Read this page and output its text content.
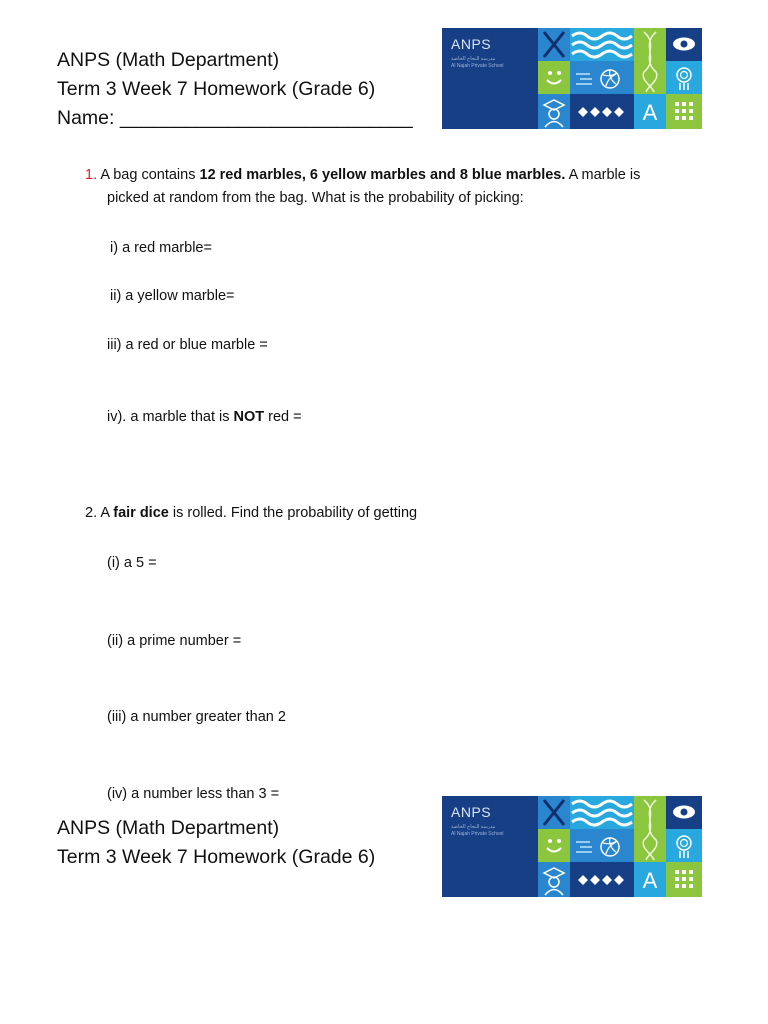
ANPS (Math Department)
Term 3 Week 7 Homework (Grade 6)
Name: ___________________________
ANPS
مدرسة النجاح الخاصة
Al Najah Private School
A
1. A bag contains 12 red marbles, 6 yellow marbles and 8 blue marbles. A marble is
picked at random from the bag. What is the probability of picking:
i) a red marble=
ii) a yellow marble=
iii) a red or blue marble =
iv). a marble that is NOT red =
2. A fair dice is rolled. Find the probability of getting
(i) a 5 =
(ii) a prime number =
(iii) a number greater than 2
(iv) a number less than 3 =
ANPS (Math Department)
Term 3 Week 7 Homework (Grade 6)
ANPS
مدرسة النجاح الخاصة
Al Najah Private School
A
